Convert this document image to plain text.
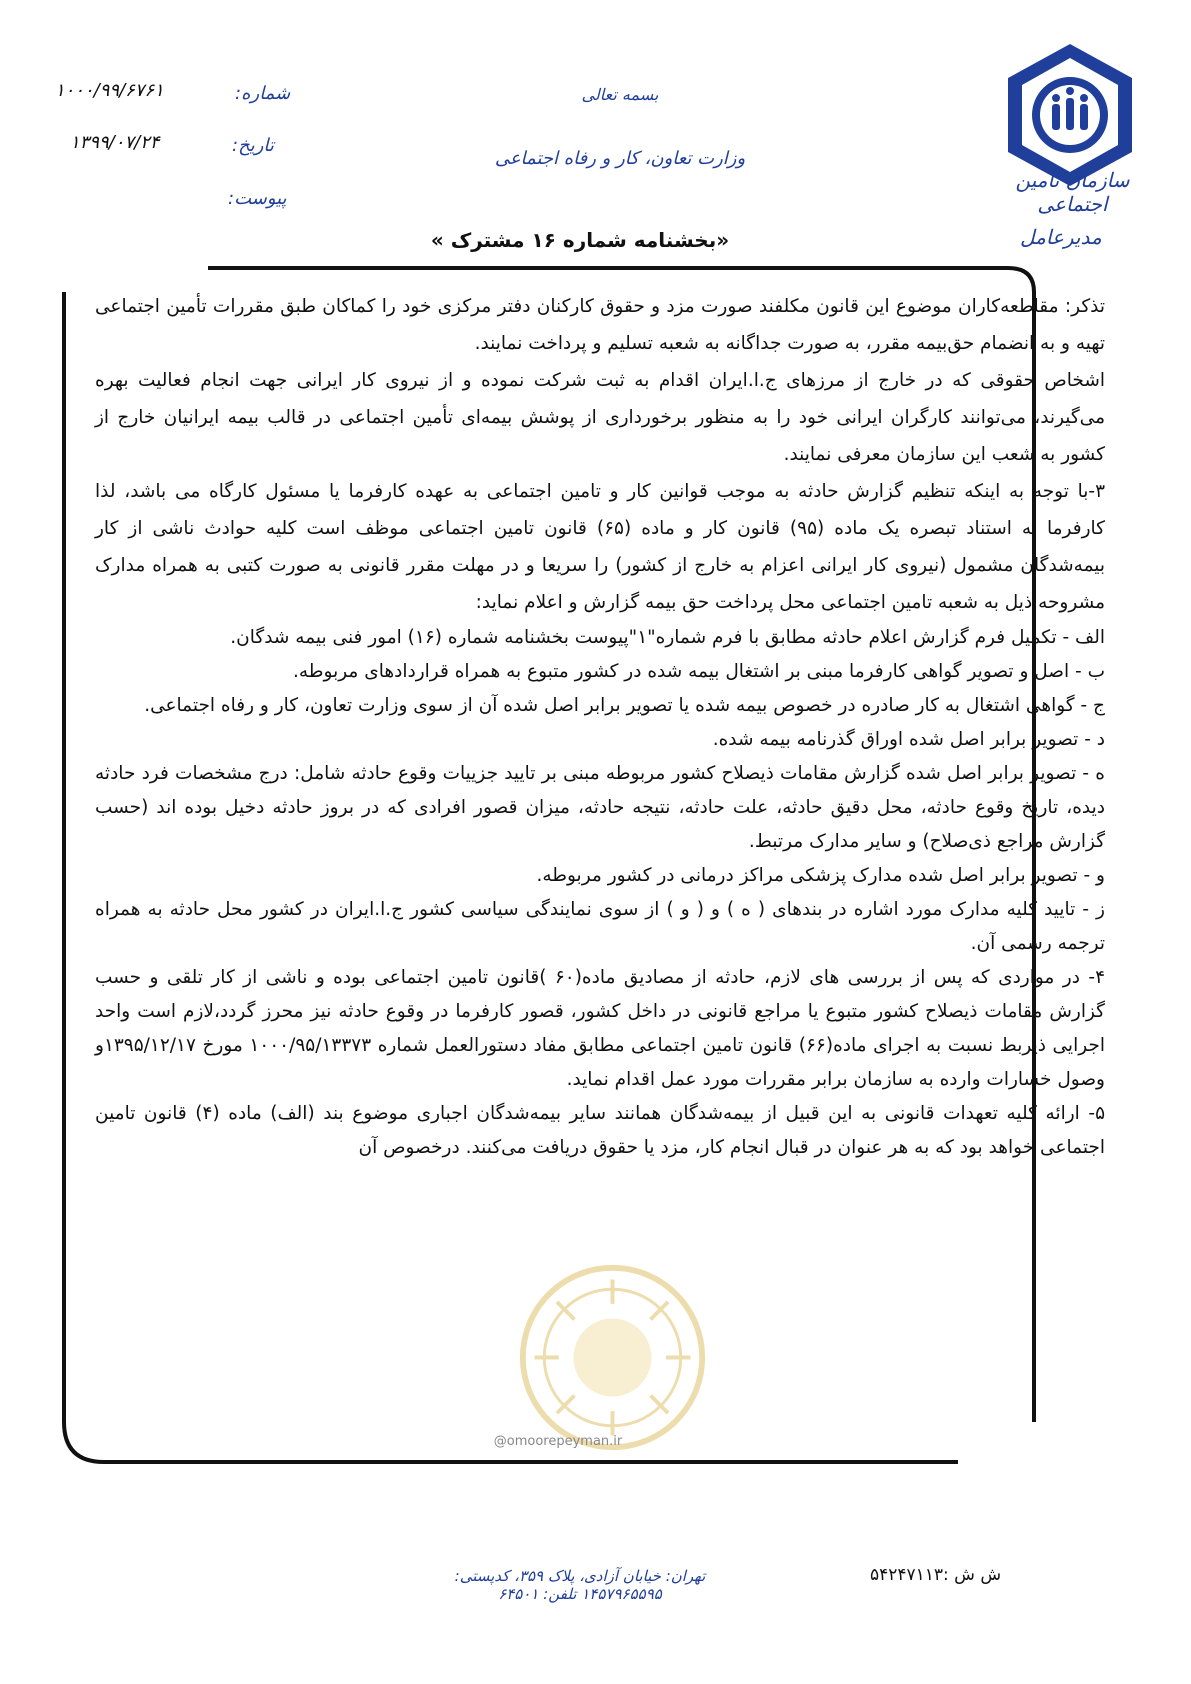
سازمان تأمین اجتماعی
مدیرعامل
بسمه تعالی
وزارت تعاون، کار و رفاه اجتماعی
شماره:
۱۰۰۰/۹۹/۶۷۶۱
تاریخ:
۱۳۹۹/۰۷/۲۴
پیوست:
«بخشنامه شماره ۱۶ مشترک »

تذکر: مقاطعه‌کاران موضوع این قانون مکلفند صورت مزد و حقوق کارکنان دفتر مرکزی خود را کماکان طبق مقررات تأمین اجتماعی تهیه و به انضمام حق‌بیمه مقرر، به صورت جداگانه به شعبه تسلیم و پرداخت نمایند.

اشخاص حقوقی که در خارج از مرزهای ج.ا.ایران اقدام به ثبت شرکت نموده و از نیروی کار ایرانی جهت انجام فعالیت بهره می‌گیرند، می‌توانند کارگران ایرانی خود را به منظور برخورداری از پوشش بیمه‌ای تأمین اجتماعی در قالب بیمه ایرانیان خارج از کشور به شعب این سازمان معرفی نمایند.

۳-با توجه به اینکه تنظیم گزارش حادثه به موجب قوانین کار و تامین اجتماعی به عهده کارفرما یا مسئول کارگاه می باشد، لذا کارفرما به استناد تبصره یک ماده (۹۵) قانون کار و ماده (۶۵) قانون تامین اجتماعی موظف است کلیه حوادث ناشی از کار بیمه‌شدگان مشمول (نیروی کار ایرانی اعزام به خارج از کشور) را سریعا و در مهلت مقرر قانونی به صورت کتبی به همراه مدارک مشروحه ذیل به شعبه تامین اجتماعی محل پرداخت حق بیمه گزارش و اعلام نماید:

الف - تکمیل فرم گزارش اعلام حادثه مطابق با فرم شماره"۱"پیوست بخشنامه شماره (۱۶) امور فنی بیمه شدگان.

ب - اصل و تصویر گواهی کارفرما مبنی بر اشتغال بیمه شده در کشور متبوع به همراه قراردادهای مربوطه.

ج - گواهی اشتغال به کار صادره در خصوص بیمه شده یا تصویر برابر اصل شده آن از سوی وزارت تعاون، کار و رفاه اجتماعی.

د - تصویر برابر اصل شده اوراق گذرنامه بیمه شده.

ه - تصویر برابر اصل شده گزارش مقامات ذیصلاح کشور مربوطه مبنی بر تایید جزییات وقوع حادثه شامل: درج مشخصات فرد حادثه دیده، تاریخ وقوع حادثه، محل دقیق حادثه، علت حادثه، نتیجه حادثه، میزان قصور افرادی که در بروز حادثه دخیل بوده اند (حسب گزارش مراجع ذی‌صلاح) و سایر مدارک مرتبط.

و - تصویر برابر اصل شده مدارک پزشکی مراکز درمانی در کشور مربوطه.

ز - تایید کلیه مدارک مورد اشاره در بندهای ( ه ) و ( و ) از سوی نمایندگی سیاسی کشور ج.ا.ایران در کشور محل حادثه به همراه ترجمه رسمی آن.

۴- در مواردی که پس از بررسی های لازم، حادثه از مصادیق ماده(۶۰ )قانون تامین اجتماعی بوده و ناشی از کار تلقی و حسب گزارش مقامات ذیصلاح کشور متبوع یا مراجع قانونی در داخل کشور، قصور کارفرما در وقوع حادثه نیز محرز گردد،لازم است واحد اجرایی ذیربط نسبت به اجرای ماده(۶۶) قانون تامین اجتماعی مطابق مفاد دستورالعمل شماره ۱۰۰۰/۹۵/۱۳۳۷۳ مورخ ۱۳۹۵/۱۲/۱۷و وصول خسارات وارده به سازمان برابر مقررات مورد عمل اقدام نماید.

۵- ارائه کلیه تعهدات قانونی به این قبیل از بیمه‌شدگان همانند سایر بیمه‌شدگان اجباری موضوع بند (الف) ماده (۴) قانون تامین اجتماعی خواهد بود که به هر عنوان در قبال انجام کار، مزد یا حقوق دریافت می‌کنند. درخصوص آن

@omoorepeyman.ir
تهران: خیابان آزادی، پلاک ۳۵۹، کدپستی: ۱۴۵۷۹۶۵۵۹۵ تلفن: ۶۴۵۰۱
ش ش :۵۴۲۴۷۱۱۳
